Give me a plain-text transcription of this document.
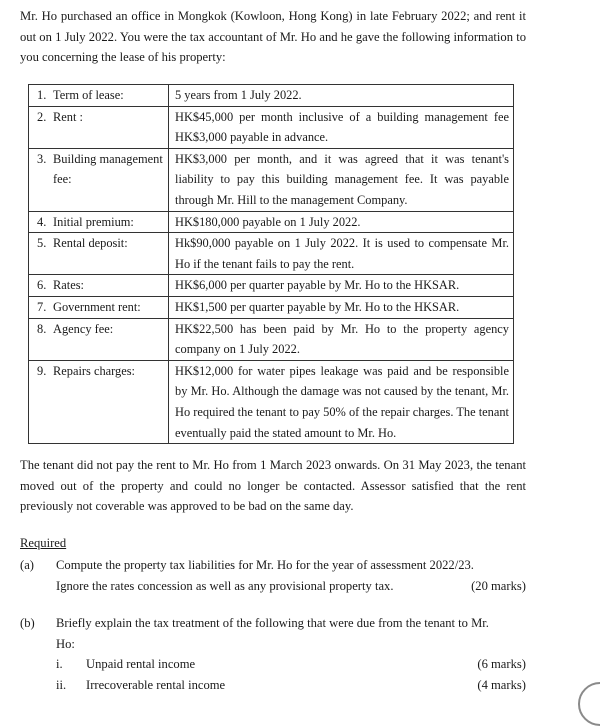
Mr. Ho purchased an office in Mongkok (Kowloon, Hong Kong) in late February 2022; and rent it out on 1 July 2022. You were the tax accountant of Mr. Ho and he gave the following information to you concerning the lease of his property:

1. Term of lease:	5 years from 1 July 2022.

2. Rent :	HK$45,000 per month inclusive of a building management fee HK$3,000 payable in advance.

3. Building management fee:	HK$3,000 per month, and it was agreed that it was tenant's liability to pay this building management fee. It was payable through Mr. Hill to the management Company.

4. Initial premium:	HK$180,000 payable on 1 July 2022.

5. Rental deposit:	Hk$90,000 payable on 1 July 2022. It is used to compensate Mr. Ho if the tenant fails to pay the rent.

6. Rates:	HK$6,000 per quarter payable by Mr. Ho to the HKSAR.

7. Government rent:	HK$1,500 per quarter payable by Mr. Ho to the HKSAR.

8. Agency fee:	HK$22,500 has been paid by Mr. Ho to the property agency company on 1 July 2022.

9. Repairs charges:	HK$12,000 for water pipes leakage was paid and be responsible by Mr. Ho. Although the damage was not caused by the tenant, Mr. Ho required the tenant to pay 50% of the repair charges. The tenant eventually paid the stated amount to Mr. Ho.

The tenant did not pay the rent to Mr. Ho from 1 March 2023 onwards. On 31 May 2023, the tenant moved out of the property and could no longer be contacted. Assessor satisfied that the rent previously not coverable was approved to be bad on the same day.

Required
(a) Compute the property tax liabilities for Mr. Ho for the year of assessment 2022/23.
Ignore the rates concession as well as any provisional property tax.	(20 marks)
(b) Briefly explain the tax treatment of the following that were due from the tenant to Mr.
Ho:
i. Unpaid rental income	(6 marks)
ii. Irrecoverable rental income	(4 marks)
